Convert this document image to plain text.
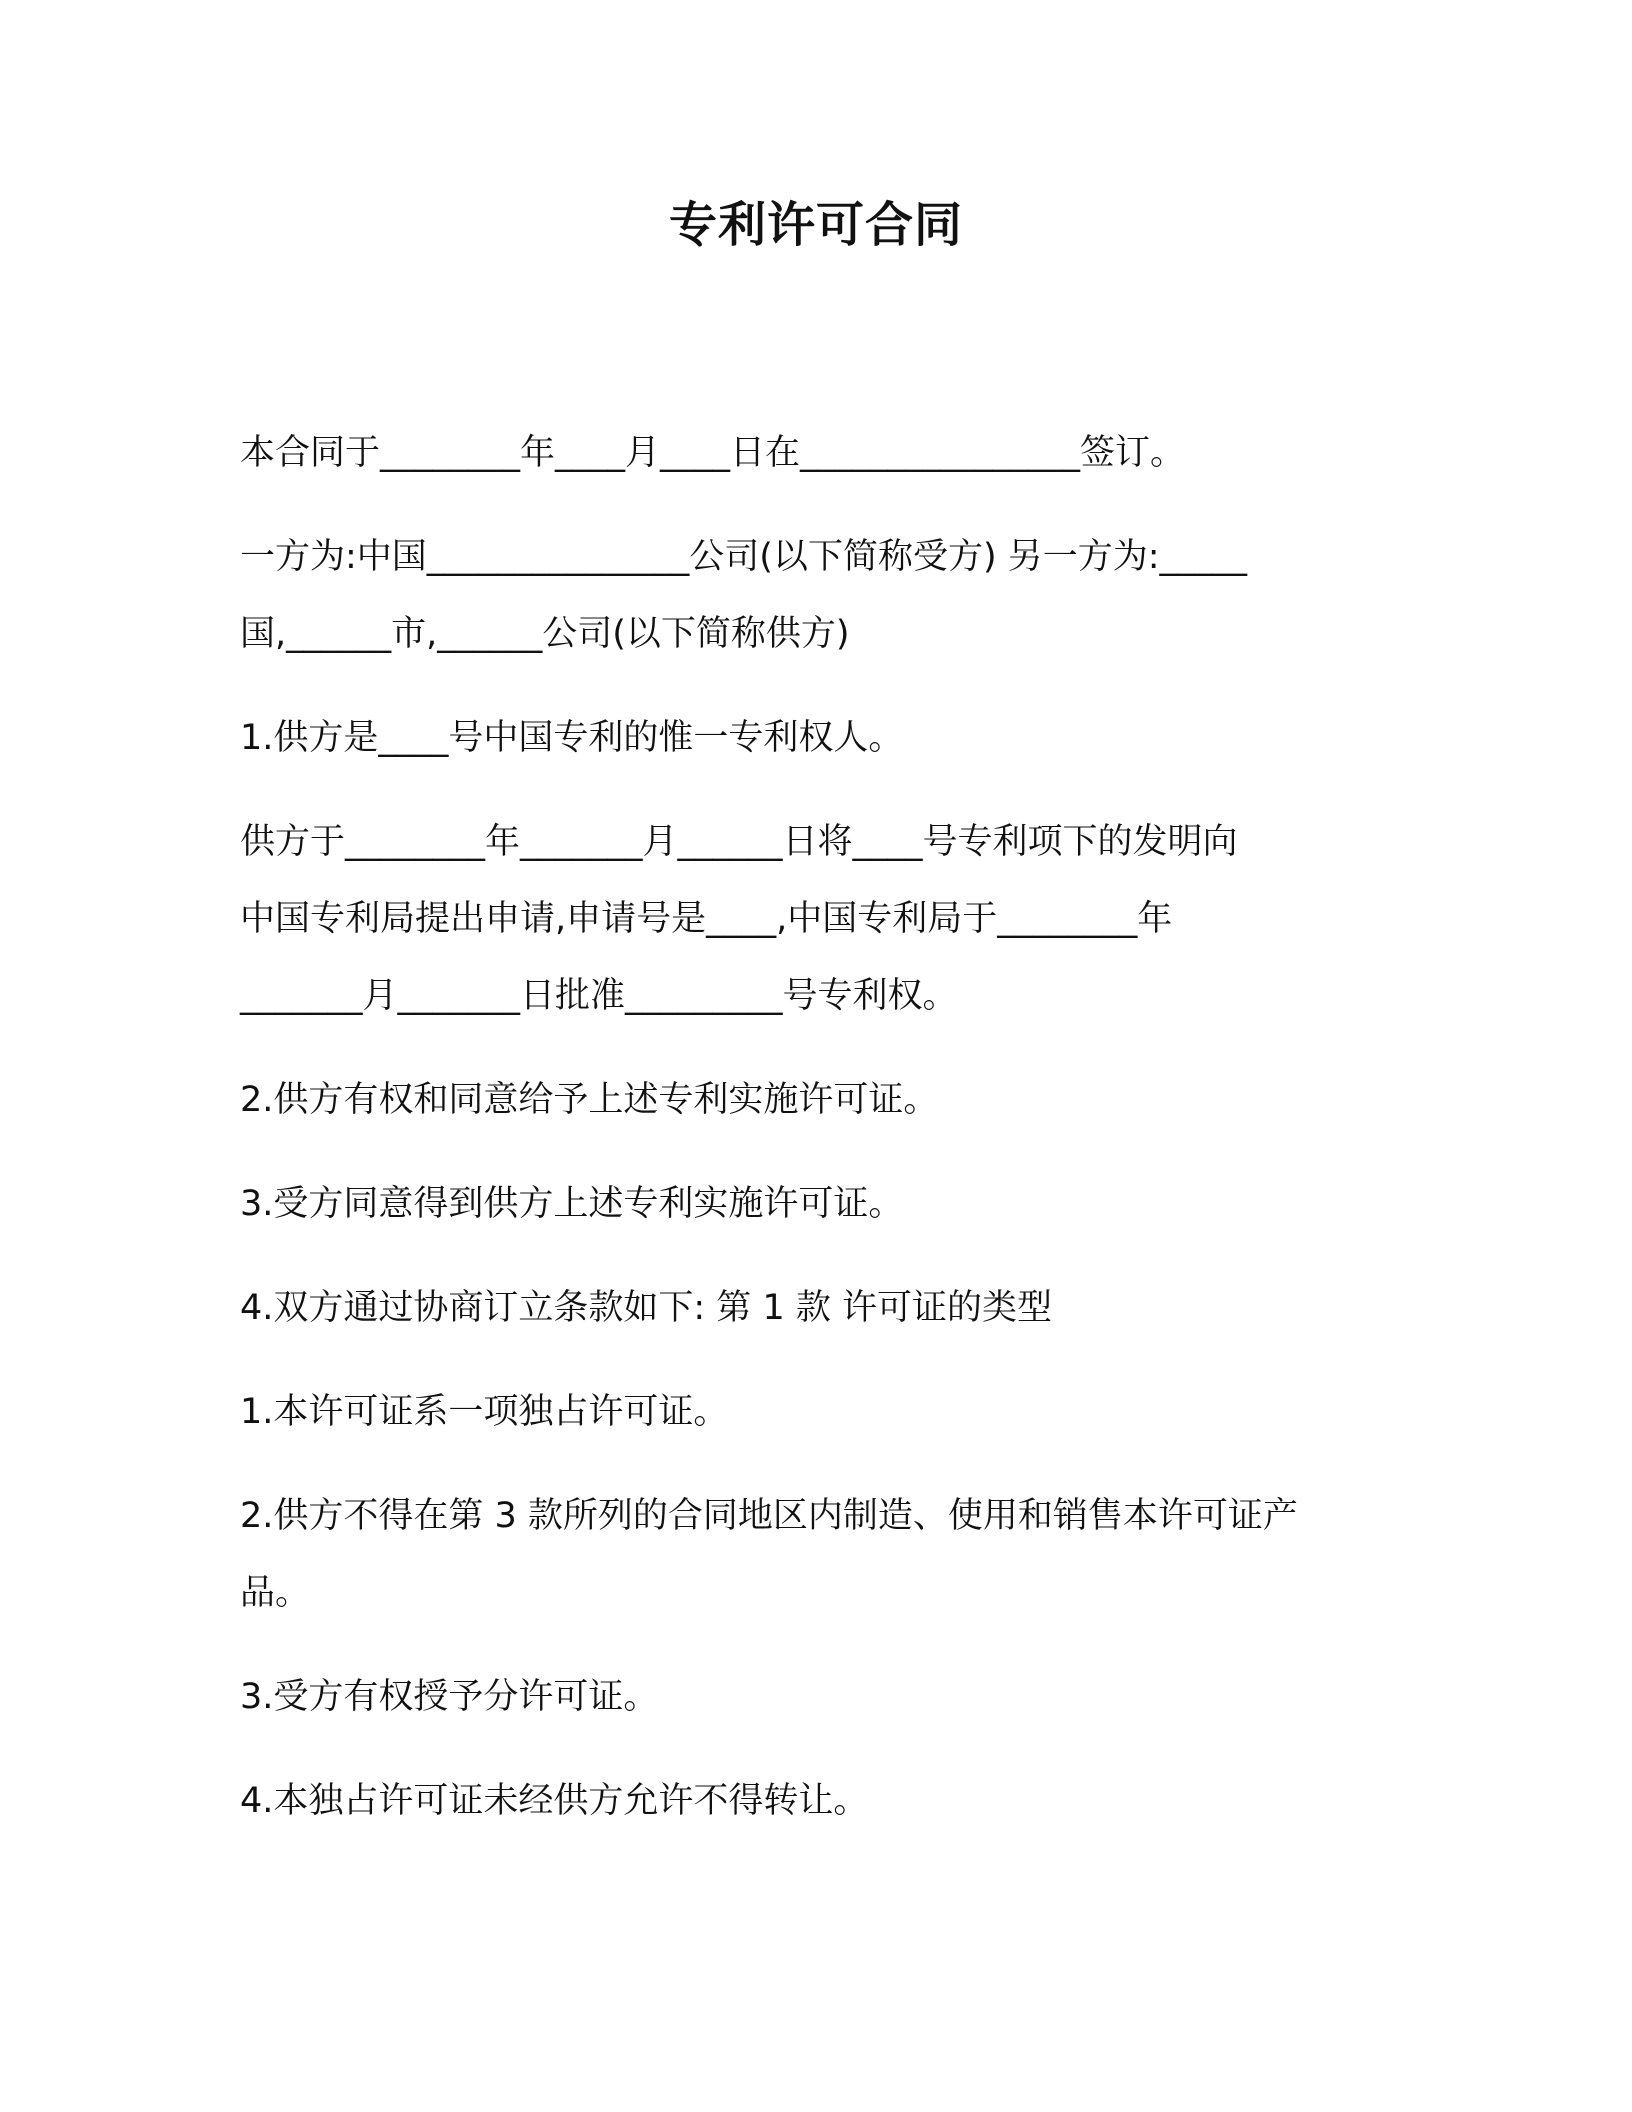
专利许可合同

本合同于________年____月____日在________________签订。

一方为:中国_______________公司(以下简称受方) 另一方为:_____
国,______市,______公司(以下简称供方)

1.供方是____号中国专利的惟一专利权人。

供方于________年_______月______日将____号专利项下的发明向
中国专利局提出申请,申请号是____,中国专利局于________年
_______月_______日批准_________号专利权。

2.供方有权和同意给予上述专利实施许可证。

3.受方同意得到供方上述专利实施许可证。

4.双方通过协商订立条款如下: 第 1 款 许可证的类型

1.本许可证系一项独占许可证。

2.供方不得在第 3 款所列的合同地区内制造、使用和销售本许可证产
品。

3.受方有权授予分许可证。

4.本独占许可证未经供方允许不得转让。
